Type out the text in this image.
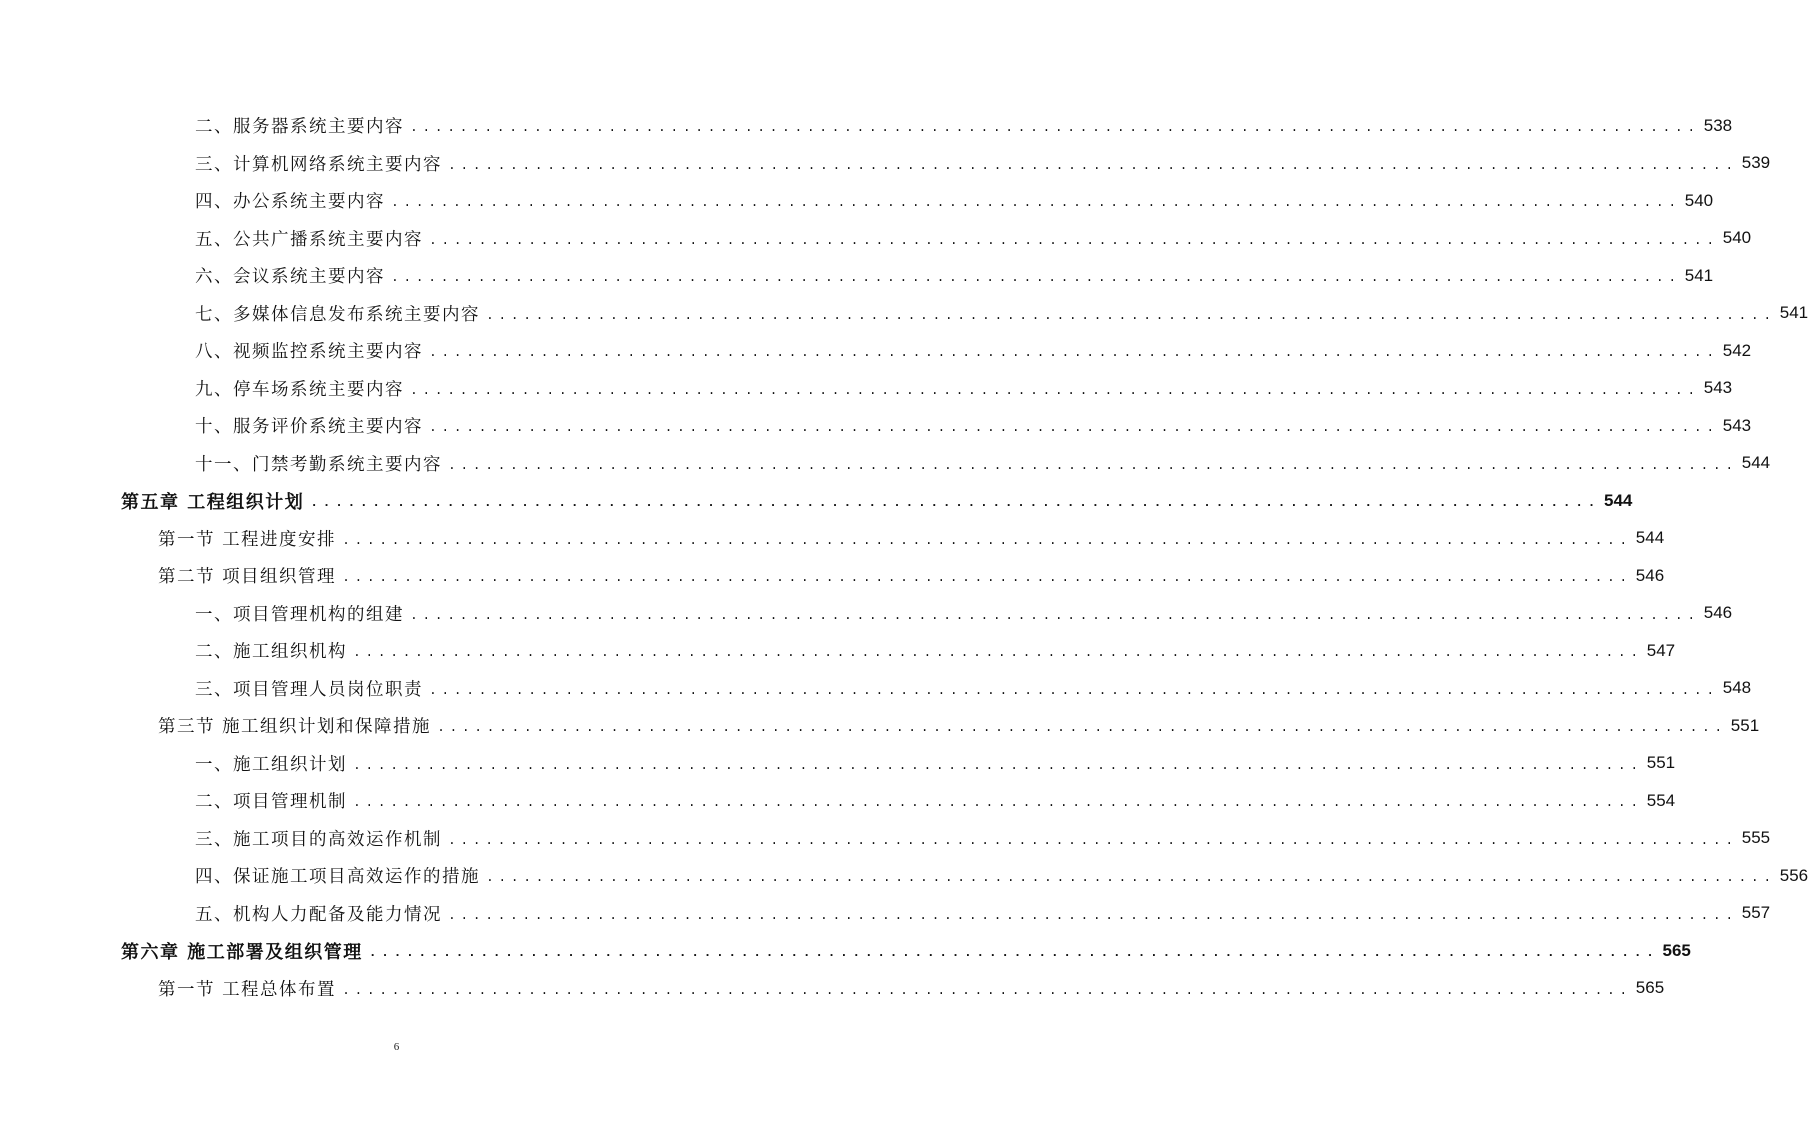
二、服务器系统主要内容 ........................................................................................................ 538
三、计算机网络系统主要内容 ........................................................................................................ 539
四、办公系统主要内容 ........................................................................................................ 540
五、公共广播系统主要内容 ........................................................................................................ 540
六、会议系统主要内容 ........................................................................................................ 541
七、多媒体信息发布系统主要内容 ........................................................................................................ 541
八、视频监控系统主要内容 ........................................................................................................ 542
九、停车场系统主要内容 ........................................................................................................ 543
十、服务评价系统主要内容 ........................................................................................................ 543
十一、门禁考勤系统主要内容 ........................................................................................................ 544
第五章 工程组织计划 ........................................................................................................ 544
第一节 工程进度安排 ........................................................................................................ 544
第二节 项目组织管理 ........................................................................................................ 546
一、项目管理机构的组建 ........................................................................................................ 546
二、施工组织机构 ........................................................................................................ 547
三、项目管理人员岗位职责 ........................................................................................................ 548
第三节 施工组织计划和保障措施 ........................................................................................................ 551
一、施工组织计划 ........................................................................................................ 551
二、项目管理机制 ........................................................................................................ 554
三、施工项目的高效运作机制 ........................................................................................................ 555
四、保证施工项目高效运作的措施 ........................................................................................................ 556
五、机构人力配备及能力情况 ........................................................................................................ 557
第六章 施工部署及组织管理 ........................................................................................................ 565
第一节 工程总体布置 ........................................................................................................ 565
6
